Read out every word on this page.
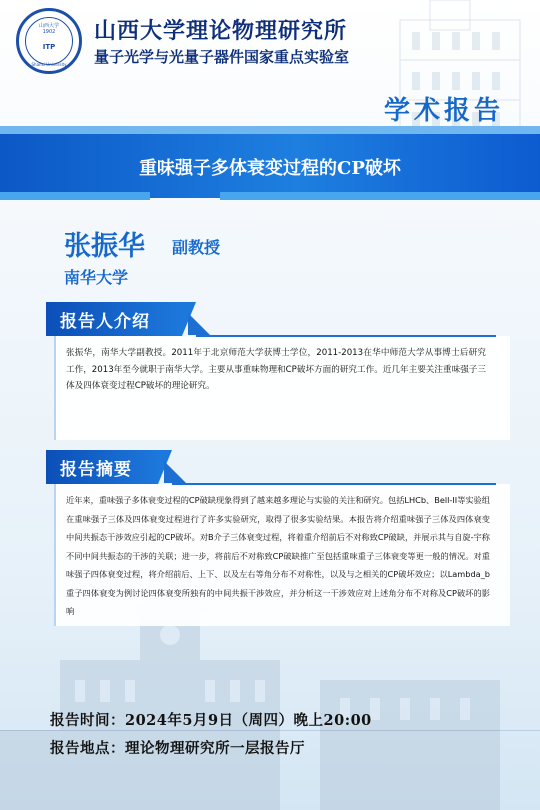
山西大学
1902
ITP
Shanxi University
山西大学理论物理研究所
量子光学与光量子器件国家重点实验室
学术报告
重味强子多体衰变过程的CP破坏
张振华 副教授
南华大学
报告人介绍
张振华，南华大学副教授。2011年于北京师范大学获博士学位，2011-2013在华中师范大学从事博士后研究工作，2013年至今就职于南华大学。主要从事重味物理和CP破坏方面的研究工作。近几年主要关注重味强子三体及四体衰变过程CP破坏的理论研究。
报告摘要
近年来，重味强子多体衰变过程的CP破缺现象得到了越来越多理论与实验的关注和研究。包括LHCb、Bell-II等实验组在重味强子三体及四体衰变过程进行了许多实验研究，取得了很多实验结果。本报告将介绍重味强子三体及四体衰变中间共振态干涉效应引起的CP破坏。对B介子三体衰变过程，将着重介绍前后不对称致CP破缺，并展示其与自旋-宇称不同中间共振态的干涉的关联；进一步，将前后不对称致CP破缺推广至包括重味重子三体衰变等更一般的情况。对重味强子四体衰变过程，将介绍前后、上下、以及左右等角分布不对称性，以及与之相关的CP破坏效应；以Lambda_b重子四体衰变为例讨论四体衰变所独有的中间共振干涉效应，并分析这一干涉效应对上述角分布不对称及CP破坏的影响
报告时间：2024年5月9日（周四）晚上20:00
报告地点：理论物理研究所一层报告厅
